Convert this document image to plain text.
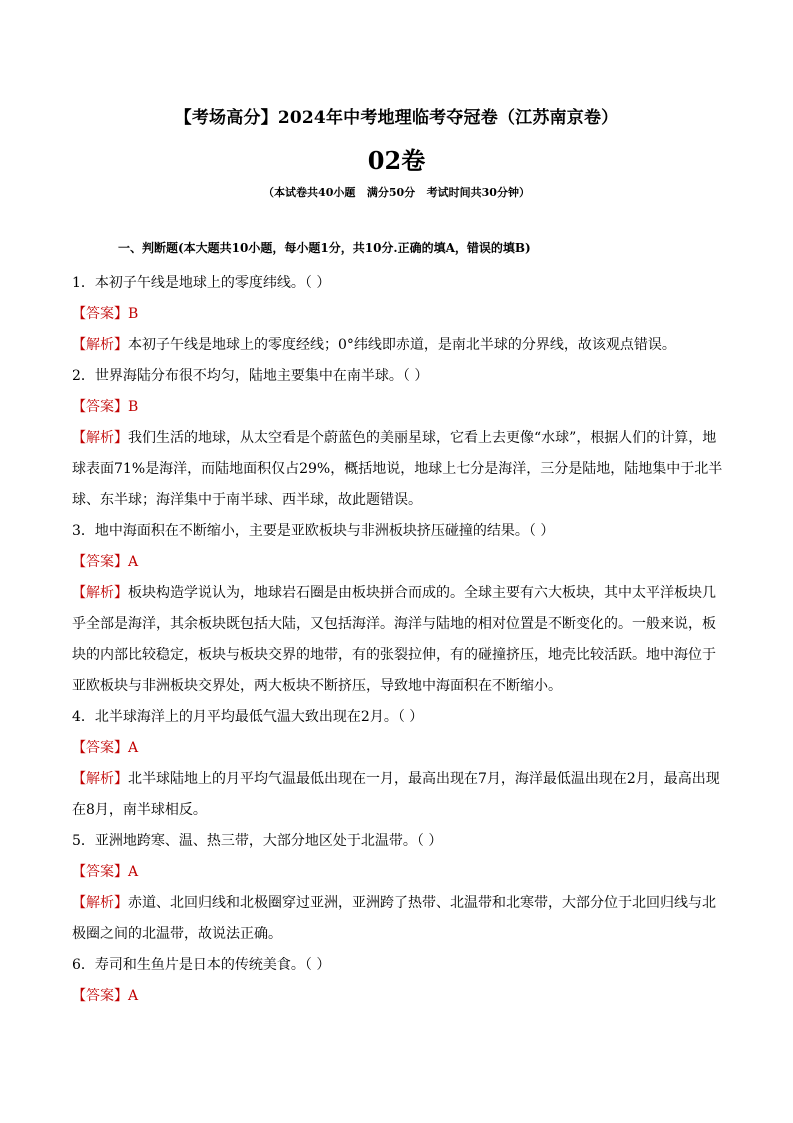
【考场高分】2024年中考地理临考夺冠卷（江苏南京卷）
02卷
（本试卷共40小题   满分50分   考试时间共30分钟）
一、判断题(本大题共10小题，每小题1分，共10分.正确的填A，错误的填B)

1．本初子午线是地球上的零度纬线。（ ）

【答案】B

【解析】本初子午线是地球上的零度经线；0°纬线即赤道，是南北半球的分界线，故该观点错误。

2．世界海陆分布很不均匀，陆地主要集中在南半球。（ ）

【答案】B

【解析】我们生活的地球，从太空看是个蔚蓝色的美丽星球，它看上去更像“水球”，根据人们的计算，地球表面71%是海洋，而陆地面积仅占29%，概括地说，地球上七分是海洋，三分是陆地，陆地集中于北半球、东半球；海洋集中于南半球、西半球，故此题错误。

3．地中海面积在不断缩小，主要是亚欧板块与非洲板块挤压碰撞的结果。（ ）

【答案】A

【解析】板块构造学说认为，地球岩石圈是由板块拼合而成的。全球主要有六大板块，其中太平洋板块几乎全部是海洋，其余板块既包括大陆，又包括海洋。海洋与陆地的相对位置是不断变化的。一般来说，板块的内部比较稳定，板块与板块交界的地带，有的张裂拉伸，有的碰撞挤压，地壳比较活跃。地中海位于亚欧板块与非洲板块交界处，两大板块不断挤压，导致地中海面积在不断缩小。

4．北半球海洋上的月平均最低气温大致出现在2月。（ ）

【答案】A

【解析】北半球陆地上的月平均气温最低出现在一月，最高出现在7月，海洋最低温出现在2月，最高出现在8月，南半球相反。

5．亚洲地跨寒、温、热三带，大部分地区处于北温带。（ ）

【答案】A

【解析】赤道、北回归线和北极圈穿过亚洲，亚洲跨了热带、北温带和北寒带，大部分位于北回归线与北极圈之间的北温带，故说法正确。

6．寿司和生鱼片是日本的传统美食。（ ）

【答案】A
